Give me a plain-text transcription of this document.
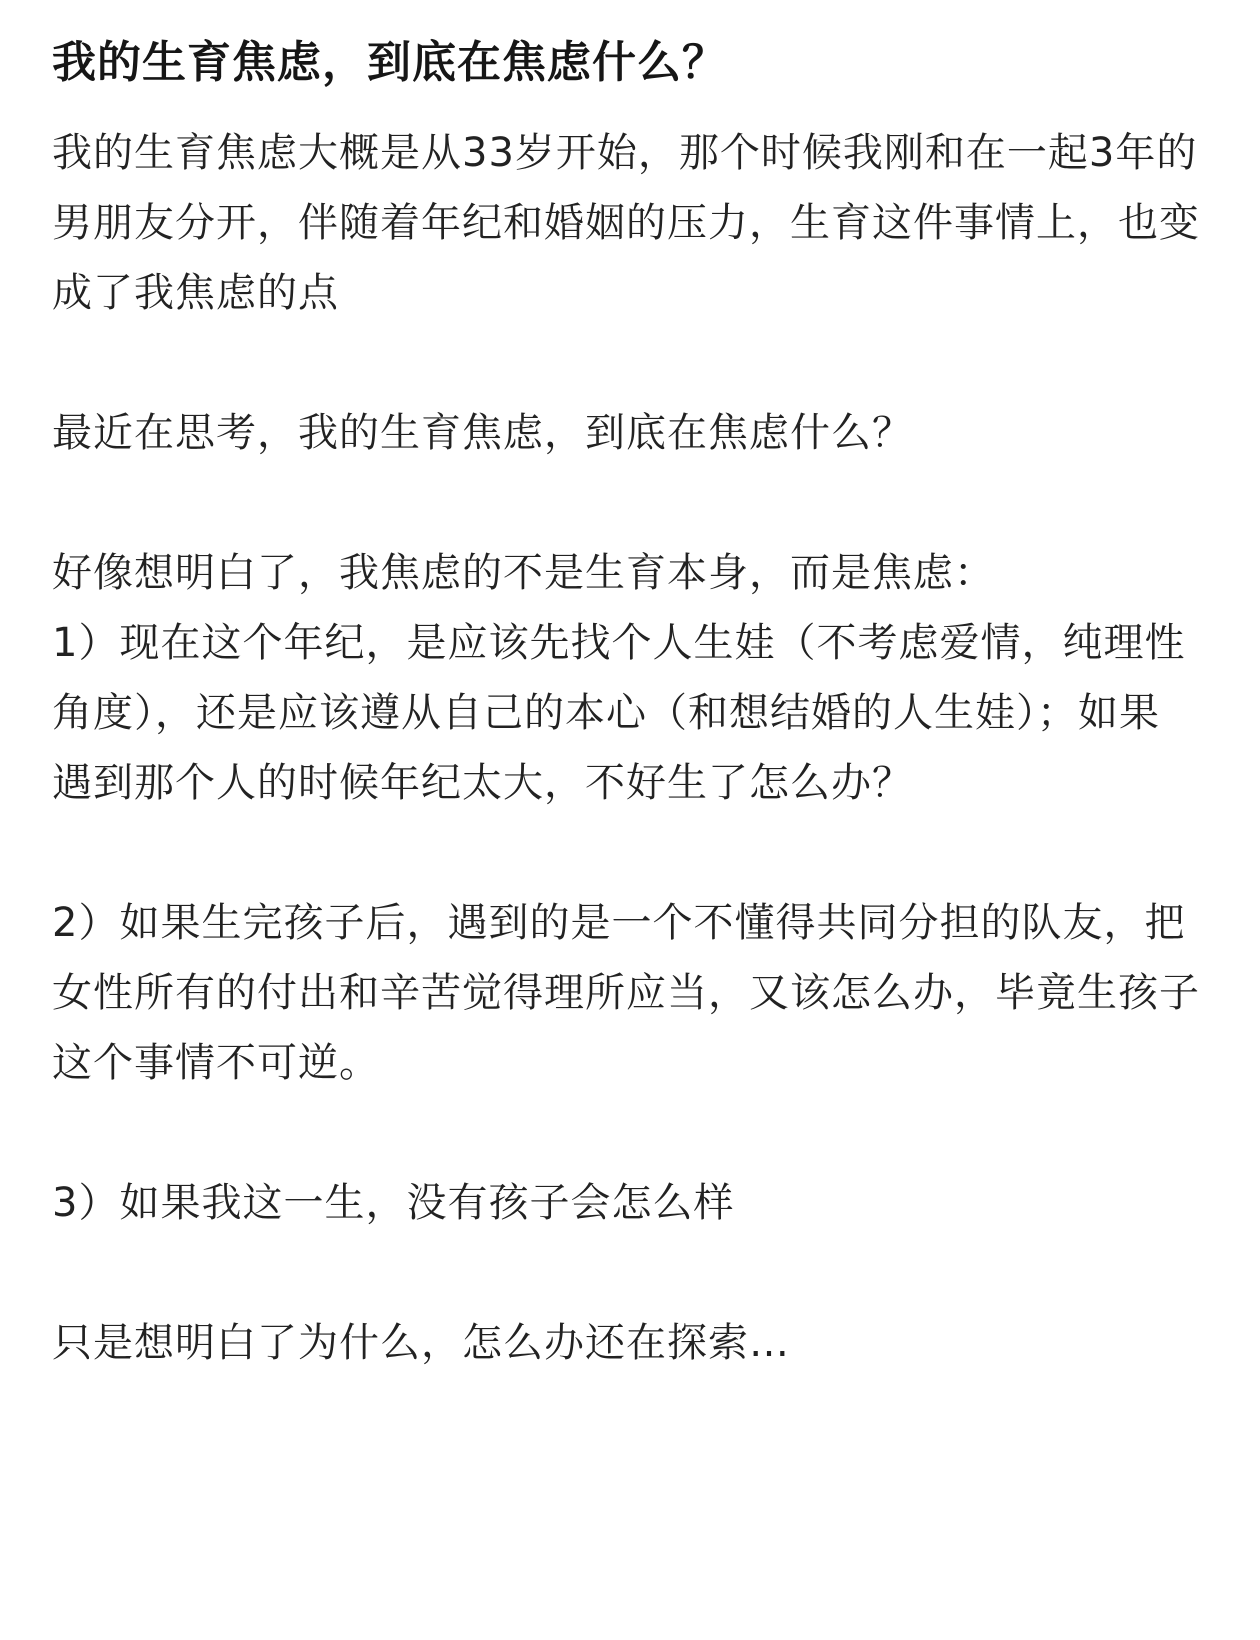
我的生育焦虑，到底在焦虑什么？

我的生育焦虑大概是从33岁开始，那个时候我刚和在一起3年的男朋友分开，伴随着年纪和婚姻的压力，生育这件事情上，也变成了我焦虑的点

最近在思考，我的生育焦虑，到底在焦虑什么？

好像想明白了，我焦虑的不是生育本身，而是焦虑：
1）现在这个年纪，是应该先找个人生娃（不考虑爱情，纯理性角度），还是应该遵从自己的本心（和想结婚的人生娃）；如果遇到那个人的时候年纪太大，不好生了怎么办？

2）如果生完孩子后，遇到的是一个不懂得共同分担的队友，把女性所有的付出和辛苦觉得理所应当，又该怎么办，毕竟生孩子这个事情不可逆。

3）如果我这一生，没有孩子会怎么样

只是想明白了为什么，怎么办还在探索…
